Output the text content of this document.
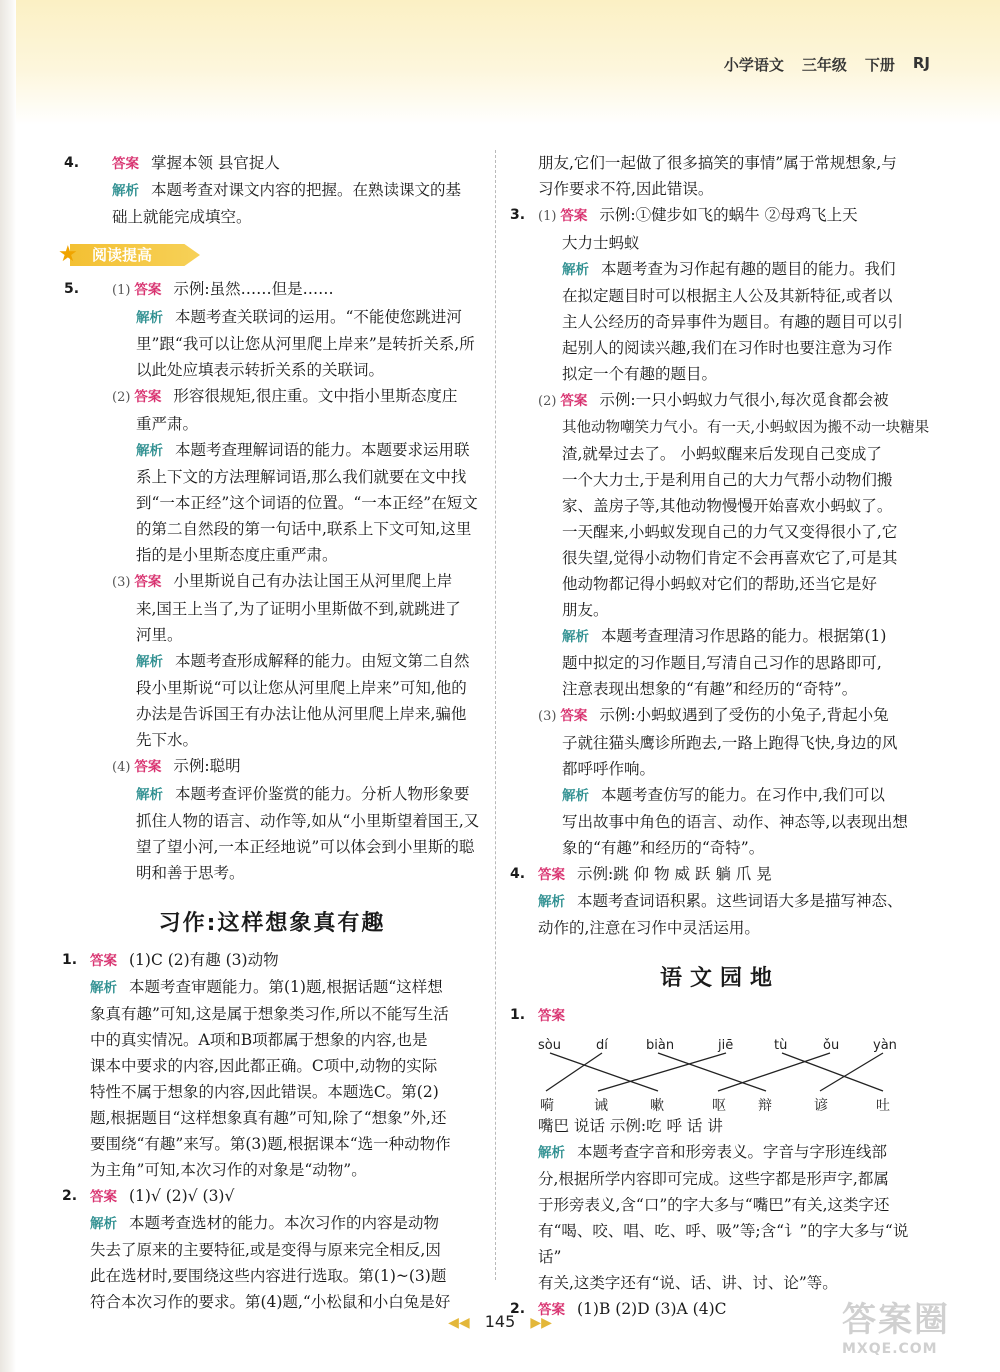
小学语文 三年级 下册 RJ
4. 答案 掌握本领 县官捉人
解析 本题考查对课文内容的把握。在熟读课文的基
础上就能完成填空。
★ 阅读提高
5.	(1) 答案 示例:虽然……但是……
解析 本题考查关联词的运用。“不能使您跳进河
里”跟“我可以让您从河里爬上岸来”是转折关系,所
以此处应填表示转折关系的关联词。
(2) 答案 形容很规矩,很庄重。文中指小里斯态度庄
重严肃。
解析 本题考查理解词语的能力。本题要求运用联
系上下文的方法理解词语,那么我们就要在文中找
到“一本正经”这个词语的位置。“一本正经”在短文
的第二自然段的第一句话中,联系上下文可知,这里
指的是小里斯态度庄重严肃。
(3) 答案 小里斯说自己有办法让国王从河里爬上岸
来,国王上当了,为了证明小里斯做不到,就跳进了
河里。
解析 本题考查形成解释的能力。由短文第二自然
段小里斯说“可以让您从河里爬上岸来”可知,他的
办法是告诉国王有办法让他从河里爬上岸来,骗他
先下水。
(4) 答案 示例:聪明
解析 本题考查评价鉴赏的能力。分析人物形象要
抓住人物的语言、动作等,如从“小里斯望着国王,又
望了望小河,一本正经地说”可以体会到小里斯的聪
明和善于思考。
习作:这样想象真有趣
1. 答案 (1)C (2)有趣 (3)动物
解析 本题考查审题能力。第(1)题,根据话题“这样想
象真有趣”可知,这是属于想象类习作,所以不能写生活
中的真实情况。A项和B项都属于想象的内容,也是
课本中要求的内容,因此都正确。C项中,动物的实际
特性不属于想象的内容,因此错误。本题选C。第(2)
题,根据题目“这样想象真有趣”可知,除了“想象”外,还
要围绕“有趣”来写。第(3)题,根据课本“选一种动物作
为主角”可知,本次习作的对象是“动物”。
2. 答案 (1)√ (2)√ (3)√
解析 本题考查选材的能力。本次习作的内容是动物
失去了原来的主要特征,或是变得与原来完全相反,因
此在选材时,要围绕这些内容进行选取。第(1)~(3)题
符合本次习作的要求。第(4)题,“小松鼠和小白兔是好
朋友,它们一起做了很多搞笑的事情”属于常规想象,与
习作要求不符,因此错误。
3. (1) 答案 示例:①健步如飞的蜗牛 ②母鸡飞上天
大力士蚂蚁
解析 本题考查为习作起有趣的题目的能力。我们
在拟定题目时可以根据主人公及其新特征,或者以
主人公经历的奇异事件为题目。有趣的题目可以引
起别人的阅读兴趣,我们在习作时也要注意为习作
拟定一个有趣的题目。
(2) 答案 示例:一只小蚂蚁力气很小,每次觅食都会被
其他动物嘲笑力气小。有一天,小蚂蚁因为搬不动一块糖果
渣,就晕过去了。 小蚂蚁醒来后发现自己变成了
一个大力士,于是利用自己的大力气帮小动物们搬
家、盖房子等,其他动物慢慢开始喜欢小蚂蚁了。
一天醒来,小蚂蚁发现自己的力气又变得很小了,它
很失望,觉得小动物们肯定不会再喜欢它了,可是其
他动物都记得小蚂蚁对它们的帮助,还当它是好
朋友。
解析 本题考查理清习作思路的能力。根据第(1)
题中拟定的习作题目,写清自己习作的思路即可,
注意表现出想象的“有趣”和经历的“奇特”。
(3) 答案 示例:小蚂蚁遇到了受伤的小兔子,背起小兔
子就往猫头鹰诊所跑去,一路上跑得飞快,身边的风
都呼呼作响。
解析 本题考查仿写的能力。在习作中,我们可以
写出故事中角色的语言、动作、神态等,以表现出想
象的“有趣”和经历的“奇特”。
4. 答案 示例:跳 仰 物 威 跃 躺 爪 晃
解析 本题考查词语积累。这些词语大多是描写神态、
动作的,注意在习作中灵活运用。
语文园地
1. 答案
sòu	dí	biàn	jiē	tù	ǒu	yàn
嗬	诫	嗽	呕 辩	谚	吐
嘴巴 说话 示例:吃 呼 话 讲
解析 本题考查字音和形旁表义。字音与字形连线部
分,根据所学内容即可完成。这些字都是形声字,都属
于形旁表义,含“口”的字大多与“嘴巴”有关,这类字还
有“喝、咬、唱、吃、呼、吸”等;含“讠”的字大多与“说话”
有关,这类字还有“说、话、讲、讨、论”等。
2. 答案 (1)B (2)D (3)A (4)C
◀◀ 145 ▶▶	答案圈
MXQE.COM
